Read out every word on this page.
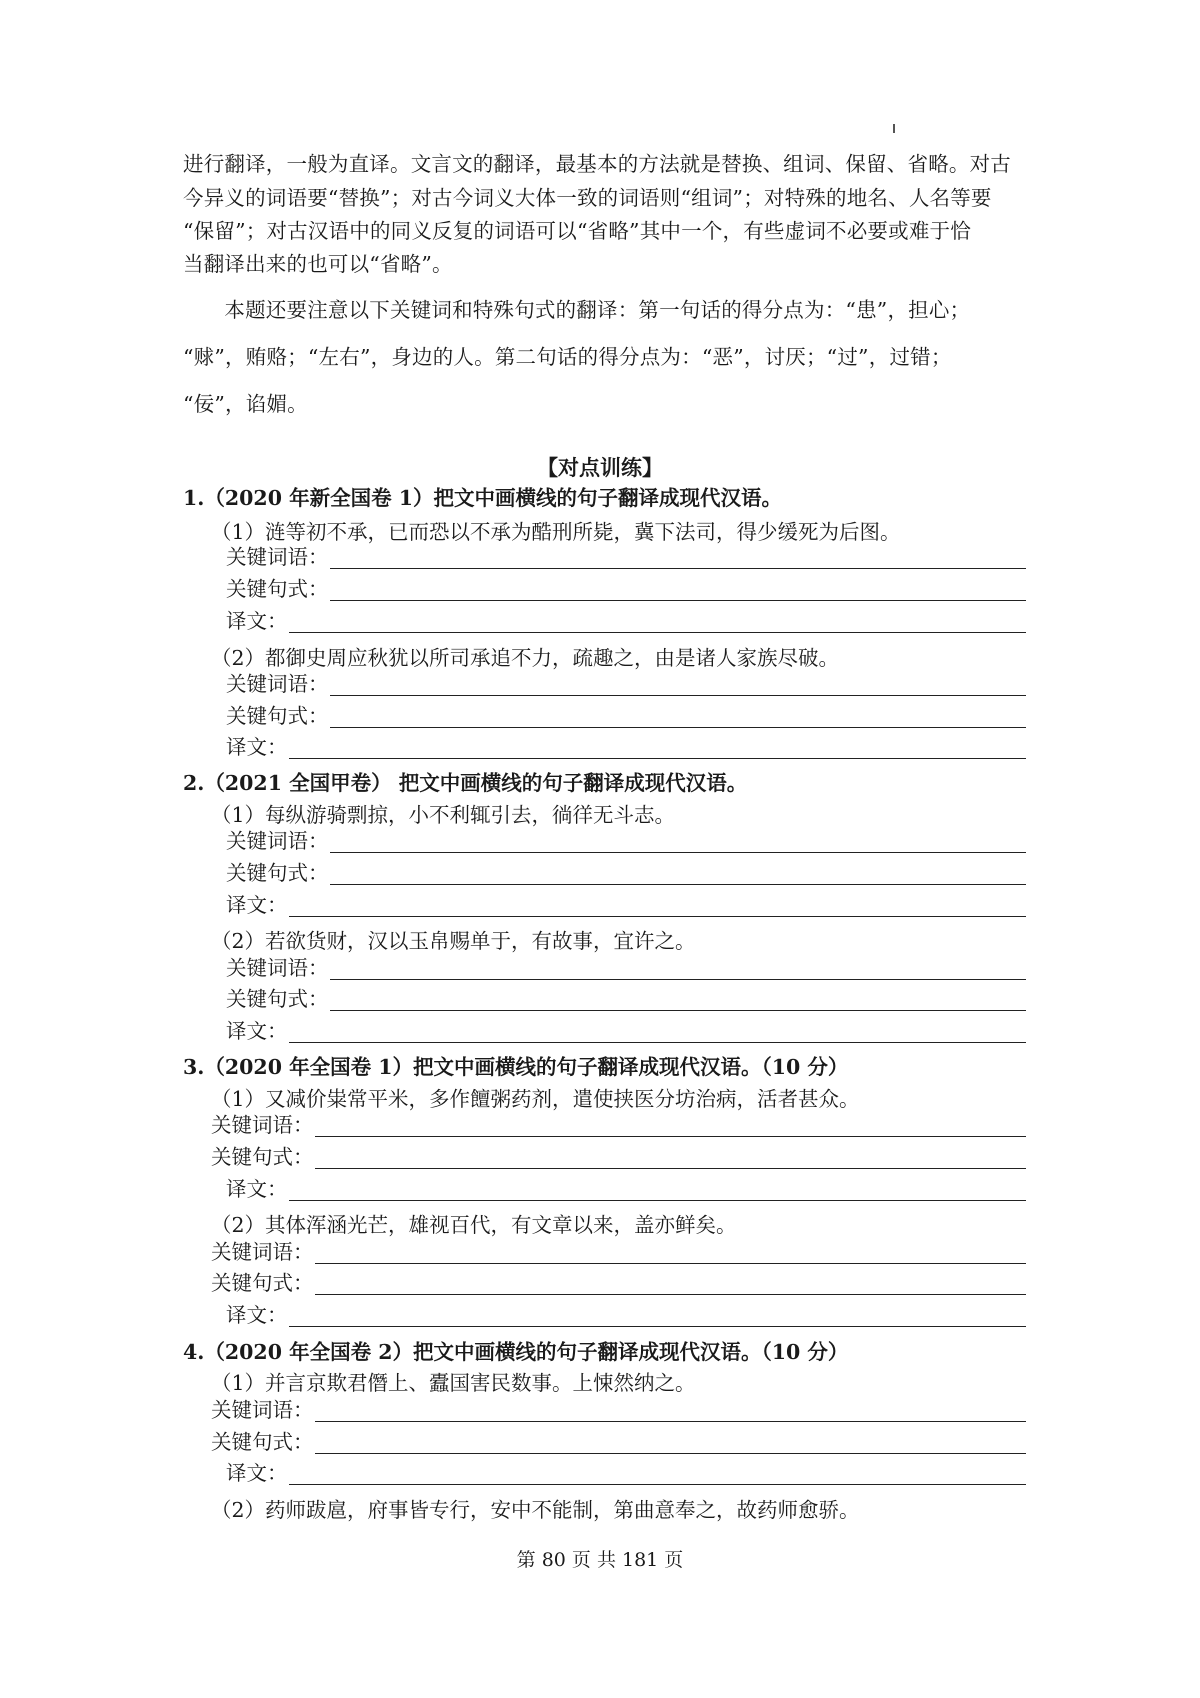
进行翻译，一般为直译。文言文的翻译，最基本的方法就是替换、组词、保留、省略。对古
今异义的词语要“替换”；对古今词义大体一致的词语则“组词”；对特殊的地名、人名等要
“保留”；对古汉语中的同义反复的词语可以“省略”其中一个，有些虚词不必要或难于恰
当翻译出来的也可以“省略”。
　　本题还要注意以下关键词和特殊句式的翻译：第一句话的得分点为：“患”，担心；
“赇”，贿赂；“左右”，身边的人。第二句话的得分点为：“恶”，讨厌；“过”，过错；
“佞”，谄媚。
【对点训练】
1.（2020 年新全国卷 1）把文中画横线的句子翻译成现代汉语。
（1）涟等初不承，已而恐以不承为酷刑所毙，冀下法司，得少缓死为后图。
关键词语：
关键句式：
译文：
（2）都御史周应秋犹以所司承追不力，疏趣之，由是诸人家族尽破。
关键词语：
关键句式：
译文：
2.（2021 全国甲卷） 把文中画横线的句子翻译成现代汉语。
（1）每纵游骑剽掠，小不利辄引去，徜徉无斗志。
关键词语：
关键句式：
译文：
（2）若欲货财，汉以玉帛赐单于，有故事，宜许之。
关键词语：
关键句式：
译文：
3.（2020 年全国卷 1）把文中画横线的句子翻译成现代汉语。（10 分）
（1）又减价粜常平米，多作饘粥药剂，遣使挟医分坊治病，活者甚众。
关键词语：
关键句式：
译文：
（2）其体浑涵光芒，雄视百代，有文章以来，盖亦鲜矣。
关键词语：
关键句式：
译文：
4.（2020 年全国卷 2）把文中画横线的句子翻译成现代汉语。（10 分）
（1）并言京欺君僭上、蠹国害民数事。上悚然纳之。
关键词语：
关键句式：
译文：
（2）药师跋扈，府事皆专行，安中不能制，第曲意奉之，故药师愈骄。
第 80 页 共 181 页
